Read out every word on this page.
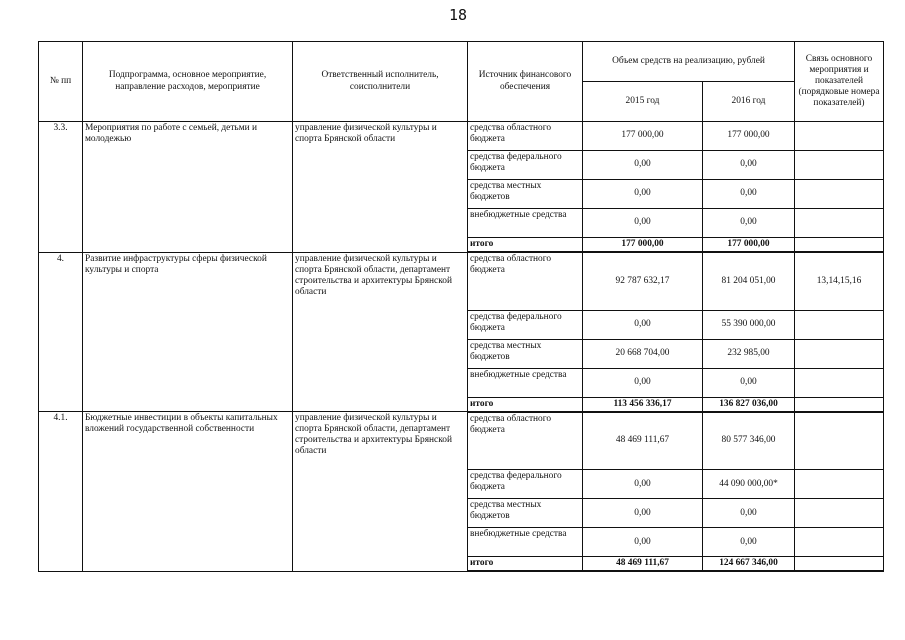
18
№ пп	Подпрограмма, основное мероприятие, направление расходов, мероприятие	Ответственный исполнитель, соисполнители	Источник финансового обеспечения	Объем средств на реализацию, рублей		Связь основного мероприятия и показателей (порядковые номера показателей)
				2015 год	2016 год	
3.3.	Мероприятия по работе с семьей, детьми и молодежью	управление физической культуры и спорта Брянской области	средства областного бюджета	177 000,00	177 000,00	
			средства федерального бюджета	0,00	0,00	
			средства местных бюджетов	0,00	0,00	
			внебюджетные средства	0,00	0,00	
			итого	177 000,00	177 000,00	
4.	Развитие инфраструктуры сферы физической культуры и спорта	управление физической культуры и спорта Брянской области, департамент строительства и архитектуры Брянской области	средства областного бюджета	92 787 632,17	81 204 051,00	13,14,15,16
			средства федерального бюджета	0,00	55 390 000,00	
			средства местных бюджетов	20 668 704,00	232 985,00	
			внебюджетные средства	0,00	0,00	
			итого	113 456 336,17	136 827 036,00	
4.1.	Бюджетные инвестиции в объекты капитальных вложений государственной собственности	управление физической культуры и спорта Брянской области, департамент строительства и архитектуры Брянской области	средства областного бюджета	48 469 111,67	80 577 346,00	
			средства федерального бюджета	0,00	44 090 000,00*	
			средства местных бюджетов	0,00	0,00	
			внебюджетные средства	0,00	0,00	
			итого	48 469 111,67	124 667 346,00	
